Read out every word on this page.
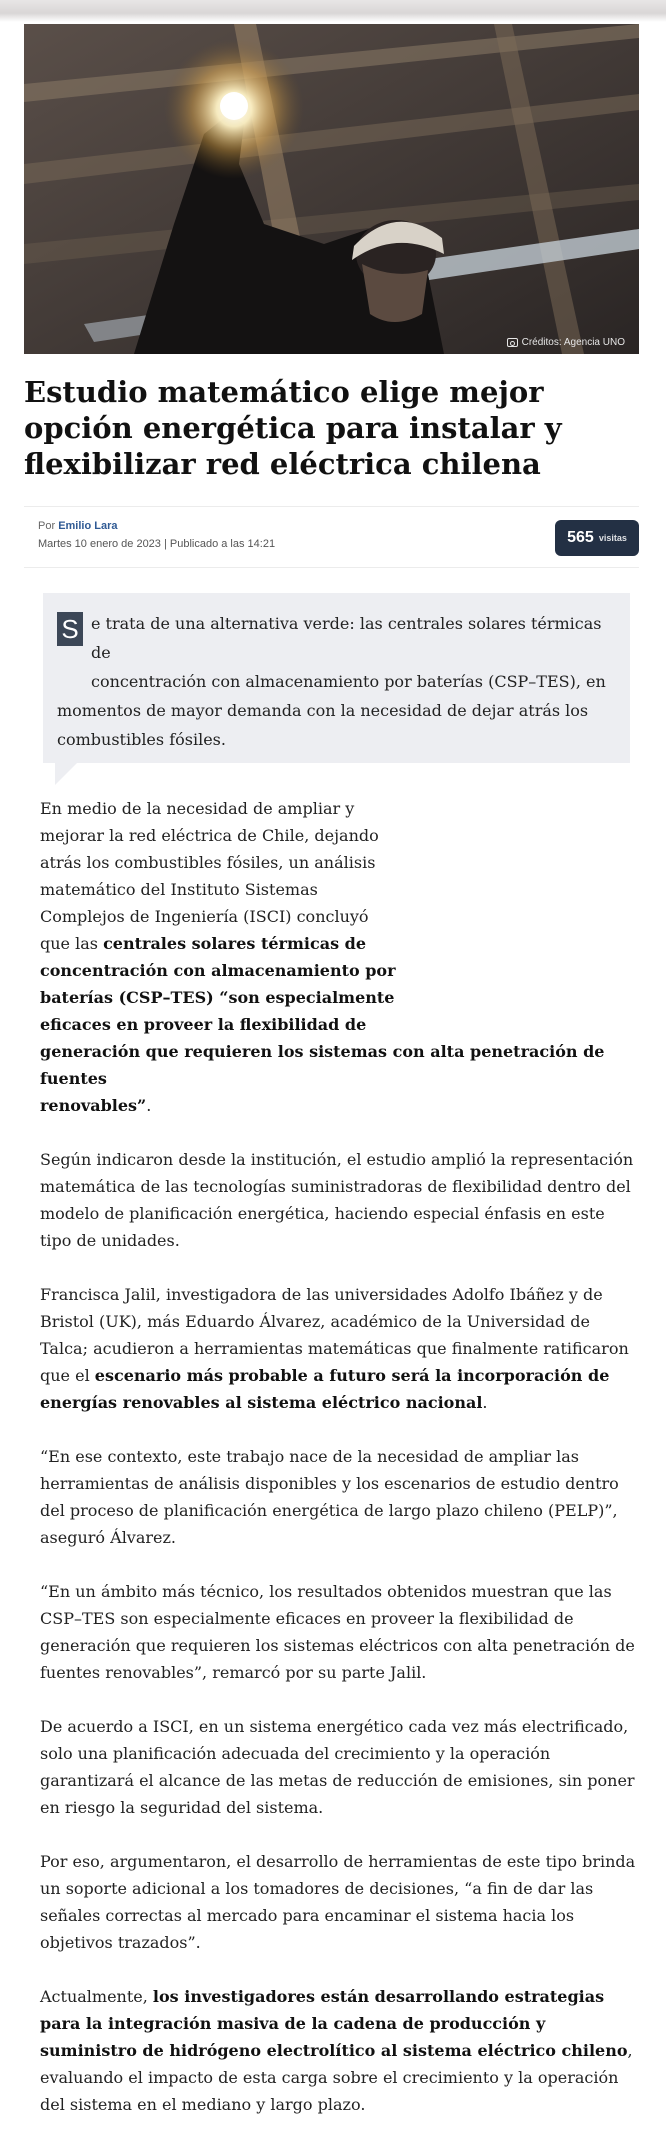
Créditos: Agencia UNO
Estudio matemático elige mejor opción energética para instalar y flexibilizar red eléctrica chilena
Por Emilio Lara
Martes 10 enero de 2023 | Publicado a las 14:21	565 visitas
S e trata de una alternativa verde: las centrales solares térmicas de
concentración con almacenamiento por baterías (CSP–TES), en
momentos de mayor demanda con la necesidad de dejar atrás los combustibles fósiles.

En medio de la necesidad de ampliar y
mejorar la red eléctrica de Chile, dejando
atrás los combustibles fósiles, un análisis
matemático del Instituto Sistemas
Complejos de Ingeniería (ISCI) concluyó
que las centrales solares térmicas de
concentración con almacenamiento por
baterías (CSP–TES) “son especialmente
eficaces en proveer la flexibilidad de
generación que requieren los sistemas con alta penetración de fuentes
renovables”.

Según indicaron desde la institución, el estudio amplió la representación matemática de las tecnologías suministradoras de flexibilidad dentro del modelo de planificación energética, haciendo especial énfasis en este tipo de unidades.

Francisca Jalil, investigadora de las universidades Adolfo Ibáñez y de Bristol (UK), más Eduardo Álvarez, académico de la Universidad de Talca; acudieron a herramientas matemáticas que finalmente ratificaron que el escenario más probable a futuro será la incorporación de energías renovables al sistema eléctrico nacional.

“En ese contexto, este trabajo nace de la necesidad de ampliar las herramientas de análisis disponibles y los escenarios de estudio dentro del proceso de planificación energética de largo plazo chileno (PELP)”, aseguró Álvarez.

“En un ámbito más técnico, los resultados obtenidos muestran que las CSP–TES son especialmente eficaces en proveer la flexibilidad de generación que requieren los sistemas eléctricos con alta penetración de fuentes renovables”, remarcó por su parte Jalil.

De acuerdo a ISCI, en un sistema energético cada vez más electrificado, solo una planificación adecuada del crecimiento y la operación garantizará el alcance de las metas de reducción de emisiones, sin poner en riesgo la seguridad del sistema.

Por eso, argumentaron, el desarrollo de herramientas de este tipo brinda un soporte adicional a los tomadores de decisiones, “a fin de dar las señales correctas al mercado para encaminar el sistema hacia los objetivos trazados”.

Actualmente, los investigadores están desarrollando estrategias para la integración masiva de la cadena de producción y suministro de hidrógeno electrolítico al sistema eléctrico chileno, evaluando el impacto de esta carga sobre el crecimiento y la operación del sistema en el mediano y largo plazo.
